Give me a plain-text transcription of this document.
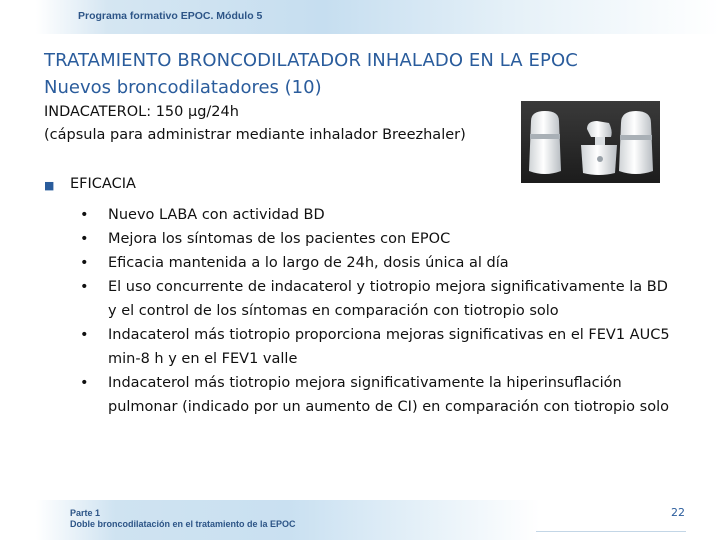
Programa formativo EPOC. Módulo 5
TRATAMIENTO BRONCODILATADOR INHALADO EN LA EPOC
Nuevos broncodilatadores (10)
INDACATEROL: 150 μg/24h
(cápsula para administrar mediante inhalador Breezhaler)
■ EFICACIA
• Nuevo LABA con actividad BD
• Mejora los síntomas de los pacientes con EPOC
• Eficacia mantenida a lo largo de 24h, dosis única al día
• El uso concurrente de indacaterol y tiotropio mejora significativamente la BD y el control de los síntomas en comparación con tiotropio solo
• Indacaterol más tiotropio proporciona mejoras significativas en el FEV1 AUC5 min-8 h y en el FEV1 valle
• Indacaterol más tiotropio mejora significativamente la hiperinsuflación pulmonar (indicado por un aumento de CI) en comparación con tiotropio solo
Parte 1
Doble broncodilatación en el tratamiento de la EPOC
22
